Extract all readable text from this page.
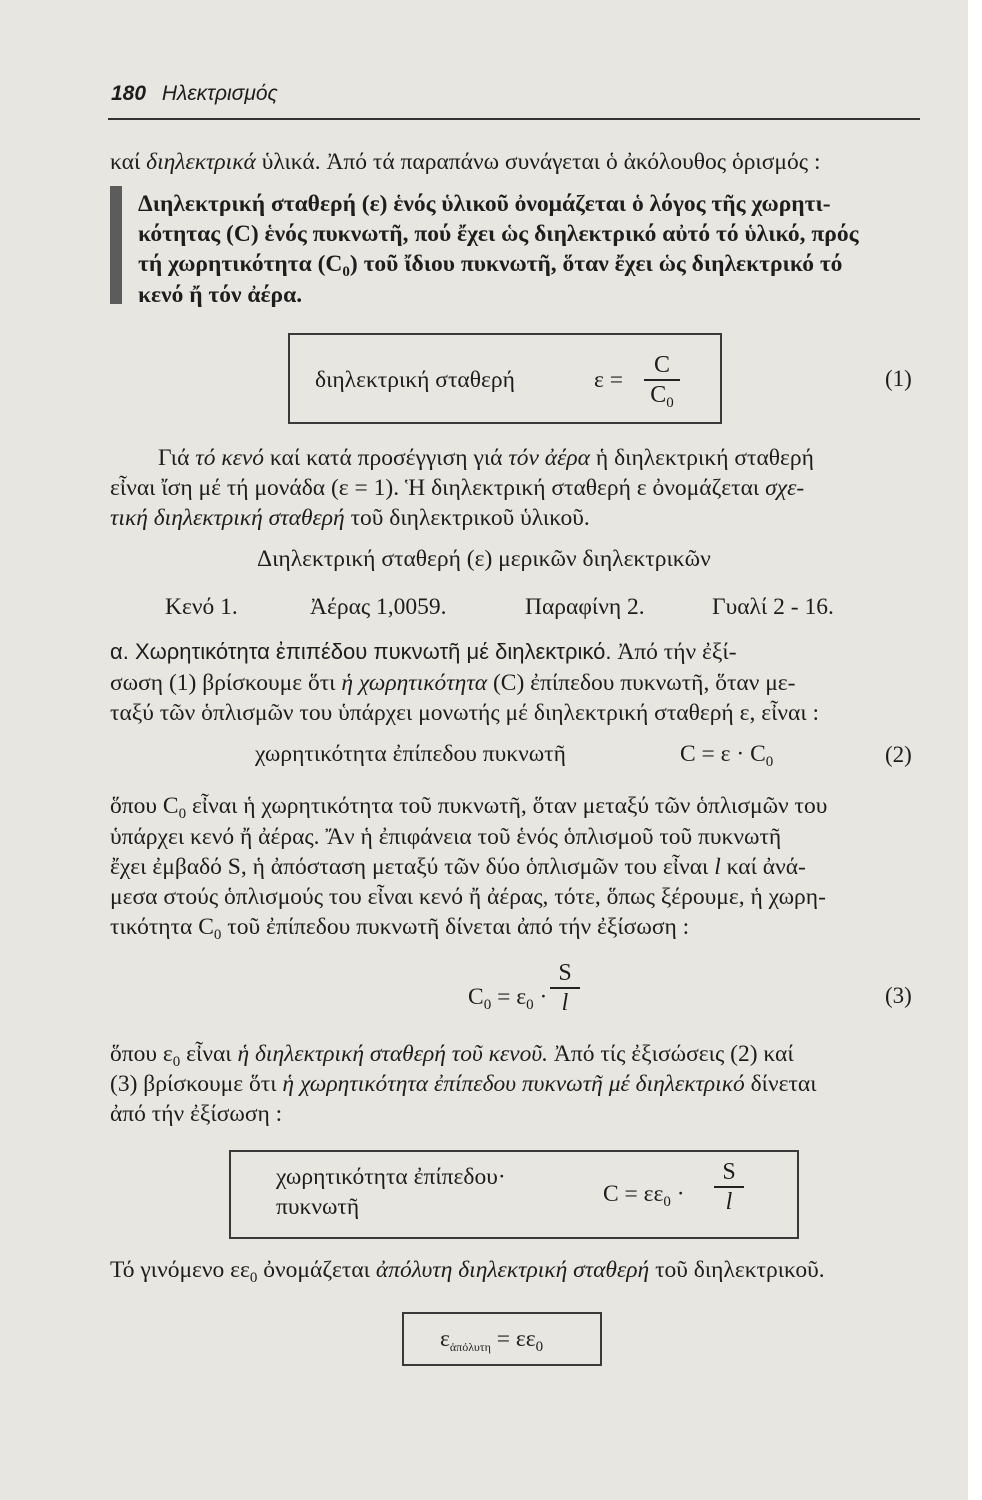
180 Ηλεκτρισμός
καί διηλεκτρικά ὑλικά. Ἀπό τά παραπάνω συνάγεται ὁ ἀκόλουθος ὁρισμός :
Διηλεκτρική σταθερή (ε) ἑνός ὑλικοῦ ὀνομάζεται ὁ λόγος τῆς χωρητι-
κότητας (C) ἑνός πυκνωτῆ, πού ἔχει ὡς διηλεκτρικό αὐτό τό ὑλικό, πρός
τή χωρητικότητα $(C_0)$ τοῦ ἴδιου πυκνωτῆ, ὅταν ἔχει ὡς διηλεκτρικό τό
κενό ἤ τόν ἀέρα.
διηλεκτρική σταθερή	ε =
C
$C_0$
(1)
Γιά τό κενό καί κατά προσέγγιση γιά τόν ἀέρα ἡ διηλεκτρική σταθερή
εἶναι ἴση μέ τή μονάδα (ε = 1). Ἡ διηλεκτρική σταθερή ε ὀνομάζεται σχε-
τική διηλεκτρική σταθερή τοῦ διηλεκτρικοῦ ὑλικοῦ.
Διηλεκτρική σταθερή (ε) μερικῶν διηλεκτρικῶν
Κενό 1.	Ἀέρας 1,0059.	Παραφίνη 2.	Γυαλί 2 - 16.
α. Χωρητικότητα ἐπιπέδου πυκνωτῆ μέ διηλεκτρικό. Ἀπό τήν ἐξί-
σωση (1) βρίσκουμε ὅτι ἡ χωρητικότητα (C) ἐπίπεδου πυκνωτῆ, ὅταν με-
ταξύ τῶν ὁπλισμῶν του ὑπάρχει μονωτής μέ διηλεκτρική σταθερή ε, εἶναι :
χωρητικότητα ἐπίπεδου πυκνωτῆ	$C = \varepsilon \cdot C_0$	(2)
ὅπου $C_0$ εἶναι ἡ χωρητικότητα τοῦ πυκνωτῆ, ὅταν μεταξύ τῶν ὁπλισμῶν του
ὑπάρχει κενό ἤ ἀέρας. Ἄν ἡ ἐπιφάνεια τοῦ ἑνός ὁπλισμοῦ τοῦ πυκνωτῆ
ἔχει ἐμβαδό S, ἡ ἀπόσταση μεταξύ τῶν δύο ὁπλισμῶν του εἶναι l καί ἀνά-
μεσα στούς ὁπλισμούς του εἶναι κενό ἤ ἀέρας, τότε, ὅπως ξέρουμε, ἡ χωρη-
τικότητα $C_0$ τοῦ ἐπίπεδου πυκνωτῆ δίνεται ἀπό τήν ἐξίσωση :
$C_0 = \varepsilon_0$ ·
S
l	(3)
ὅπου $\varepsilon_0$ εἶναι ἡ διηλεκτρική σταθερή τοῦ κενοῦ. Ἀπό τίς ἐξισώσεις (2) καί
(3) βρίσκουμε ὅτι ἡ χωρητικότητα ἐπίπεδου πυκνωτῆ μέ διηλεκτρικό δίνεται
ἀπό τήν ἐξίσωση :
χωρητικότητα ἐπίπεδου·
πυκνωτῆ	$C = \varepsilon\varepsilon_0$ ·
S
l
Τό γινόμενο $\varepsilon\varepsilon_0$ ὀνομάζεται ἀπόλυτη διηλεκτρική σταθερή τοῦ διηλεκτρικοῦ.
$\varepsilon_{ἀ\pi ό\lambda\upsilon\tau\eta} = \varepsilon\varepsilon_0$
